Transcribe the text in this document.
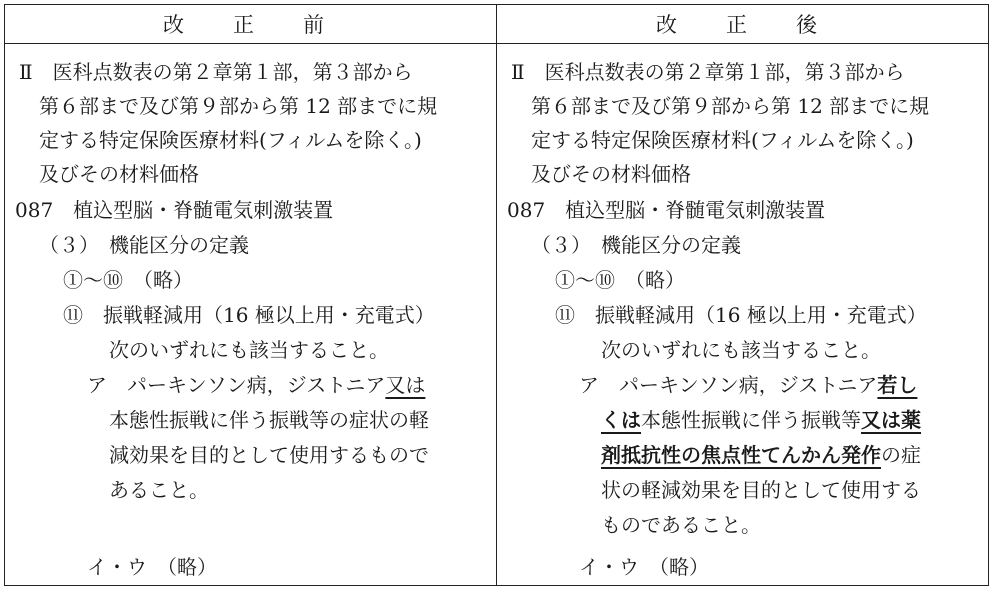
改　正　前	改　正　後
Ⅱ　医科点数表の第２章第１部，第３部から
第６部まで及び第９部から第 12 部までに規
定する特定保険医療材料(フィルムを除く。)
及びその材料価格
087　植込型脳・脊髄電気刺激装置
（３）　機能区分の定義
①～⑩　（略）
⑪　振戦軽減用（16 極以上用・充電式）
次のいずれにも該当すること。
ア　パーキンソン病，ジストニア又は
本態性振戦に伴う振戦等の症状の軽
減効果を目的として使用するもので
あること。
イ・ウ　（略）
Ⅱ　医科点数表の第２章第１部，第３部から
第６部まで及び第９部から第 12 部までに規
定する特定保険医療材料(フィルムを除く。)
及びその材料価格
087　植込型脳・脊髄電気刺激装置
（３）　機能区分の定義
①～⑩　（略）
⑪　振戦軽減用（16 極以上用・充電式）
次のいずれにも該当すること。
ア　パーキンソン病，ジストニア若し
くは本態性振戦に伴う振戦等又は薬
剤抵抗性の焦点性てんかん発作の症
状の軽減効果を目的として使用する
ものであること。
イ・ウ　（略）
